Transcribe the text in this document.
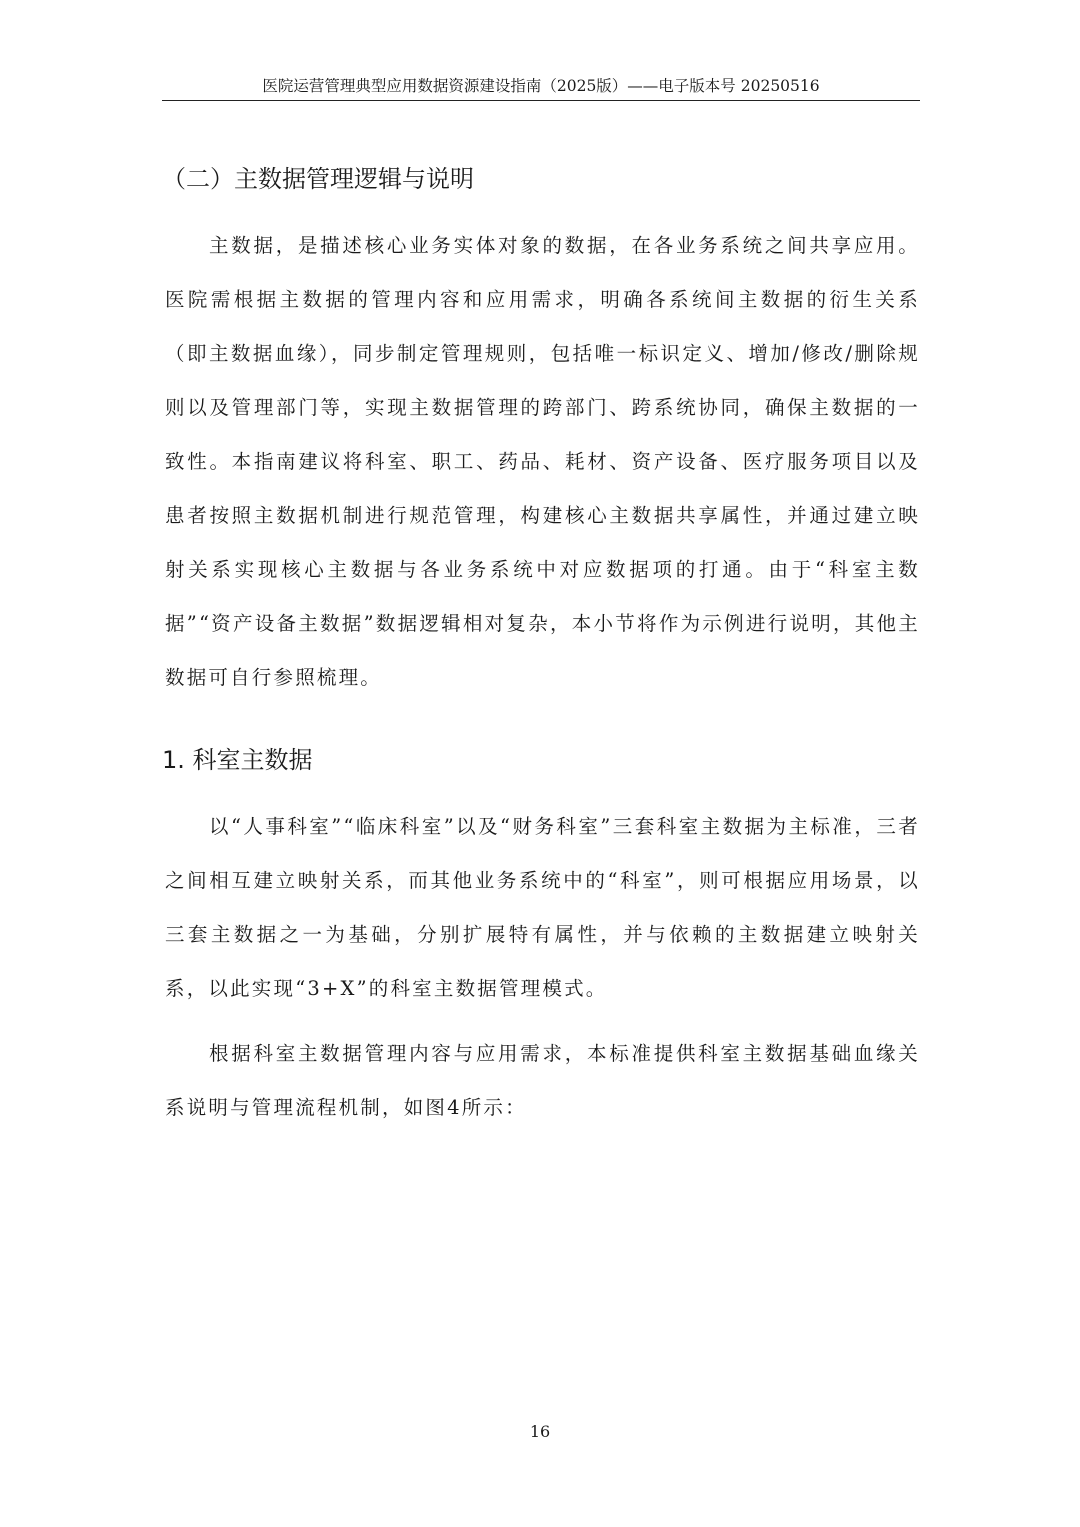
医院运营管理典型应用数据资源建设指南（2025版）——电子版本号 20250516
（二）主数据管理逻辑与说明

主数据，是描述核心业务实体对象的数据，在各业务系统之间共享应用。医院需根据主数据的管理内容和应用需求，明确各系统间主数据的衍生关系（即主数据血缘），同步制定管理规则，包括唯一标识定义、增加/修改/删除规则以及管理部门等，实现主数据管理的跨部门、跨系统协同，确保主数据的一致性。本指南建议将科室、职工、药品、耗材、资产设备、医疗服务项目以及患者按照主数据机制进行规范管理，构建核心主数据共享属性，并通过建立映射关系实现核心主数据与各业务系统中对应数据项的打通。由于“科室主数据”“资产设备主数据”数据逻辑相对复杂，本小节将作为示例进行说明，其他主数据可自行参照梳理。

1. 科室主数据

以“人事科室”“临床科室”以及“财务科室”三套科室主数据为主标准，三者之间相互建立映射关系，而其他业务系统中的“科室”，则可根据应用场景，以三套主数据之一为基础，分别扩展特有属性，并与依赖的主数据建立映射关系，以此实现“3+X”的科室主数据管理模式。

根据科室主数据管理内容与应用需求，本标准提供科室主数据基础血缘关系说明与管理流程机制，如图4所示：

16
